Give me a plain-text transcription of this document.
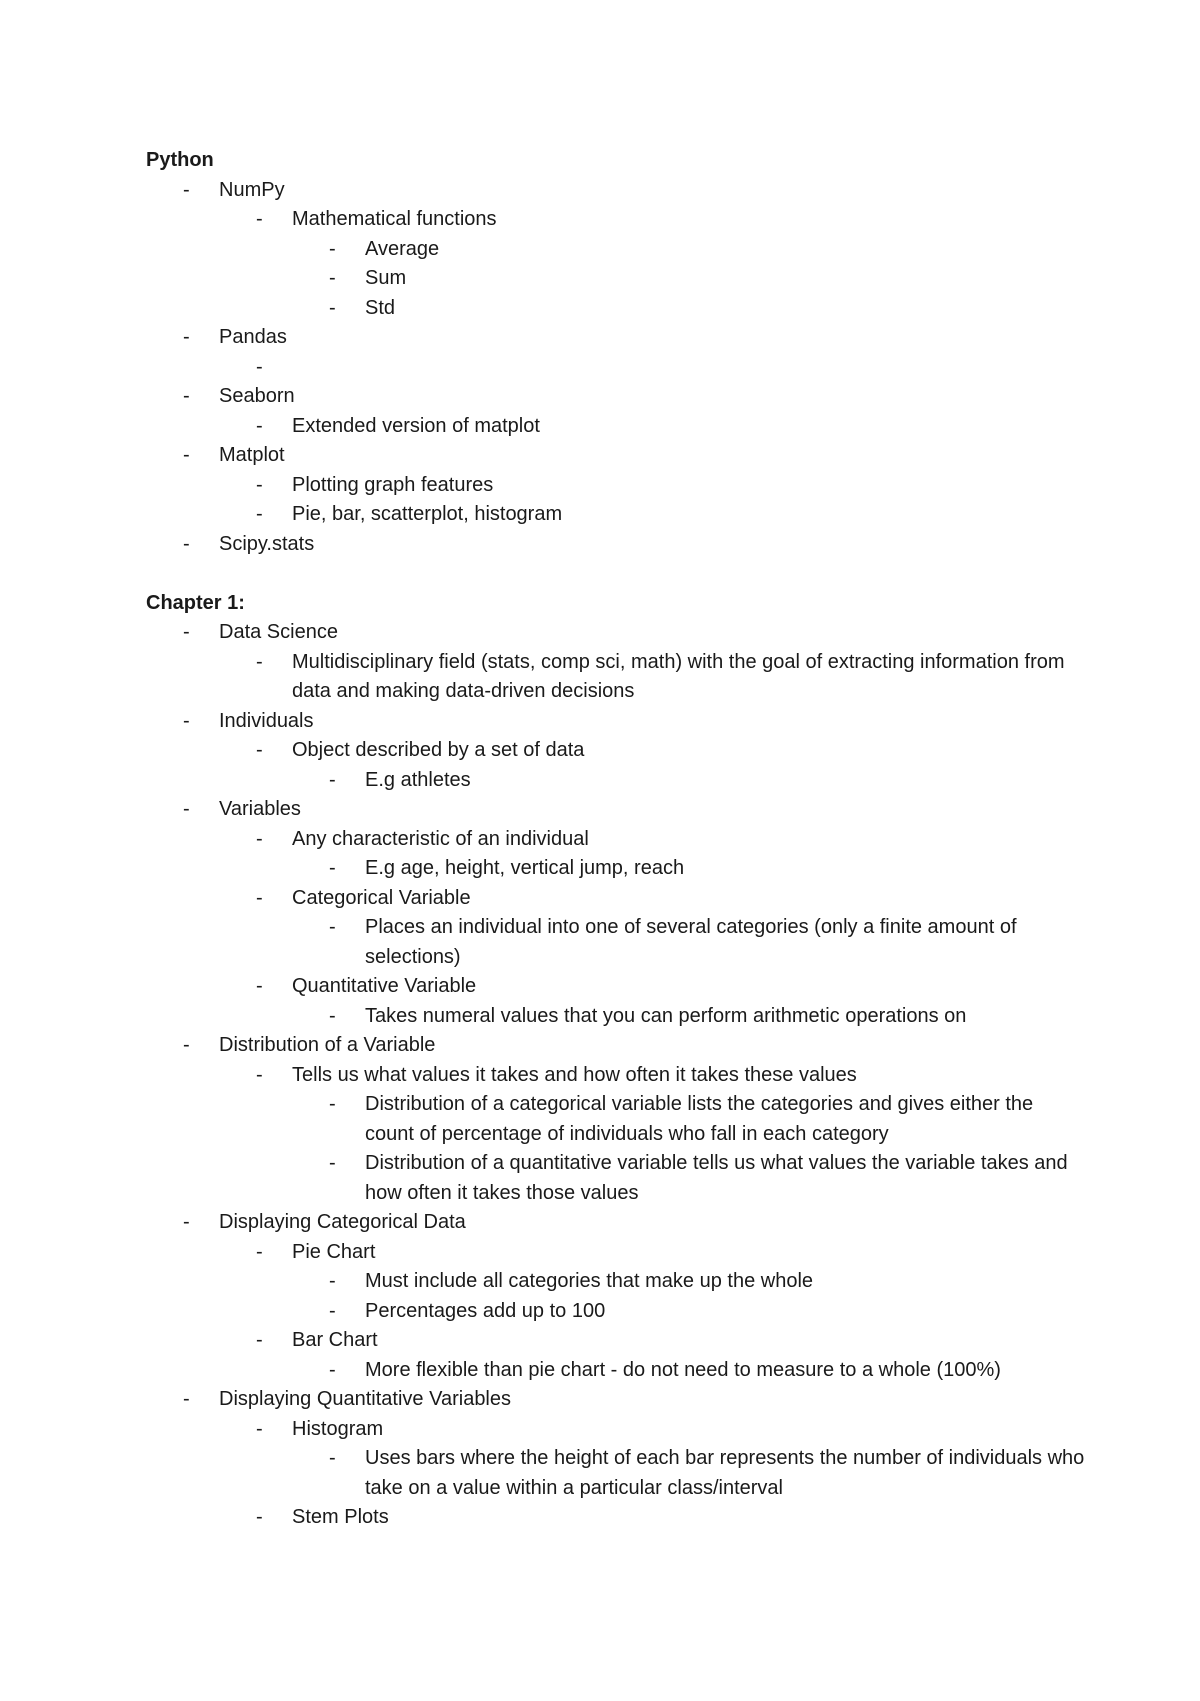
Python
-	NumPy
-	Mathematical functions
-	Average
-	Sum
-	Std
-	Pandas
-

-	Seaborn
-	Extended version of matplot
-	Matplot
-	Plotting graph features
-	Pie, bar, scatterplot, histogram
-	Scipy.stats
Chapter 1:
-	Data Science
-	Multidisciplinary field (stats, comp sci, math) with the goal of extracting information from data and making data-driven decisions
-	Individuals
-	Object described by a set of data
-	E.g athletes
-	Variables
-	Any characteristic of an individual
-	E.g age, height, vertical jump, reach
-	Categorical Variable
-	Places an individual into one of several categories (only a finite amount of selections)
-	Quantitative Variable
-	Takes numeral values that you can perform arithmetic operations on
-	Distribution of a Variable
-	Tells us what values it takes and how often it takes these values
-	Distribution of a categorical variable lists the categories and gives either the count of percentage of individuals who fall in each category
-	Distribution of a quantitative variable tells us what values the variable takes and how often it takes those values
-	Displaying Categorical Data
-	Pie Chart
-	Must include all categories that make up the whole
-	Percentages add up to 100
-	Bar Chart
-	More flexible than pie chart - do not need to measure to a whole (100%)
-	Displaying Quantitative Variables
-	Histogram
-	Uses bars where the height of each bar represents the number of individuals who take on a value within a particular class/interval
-	Stem Plots
